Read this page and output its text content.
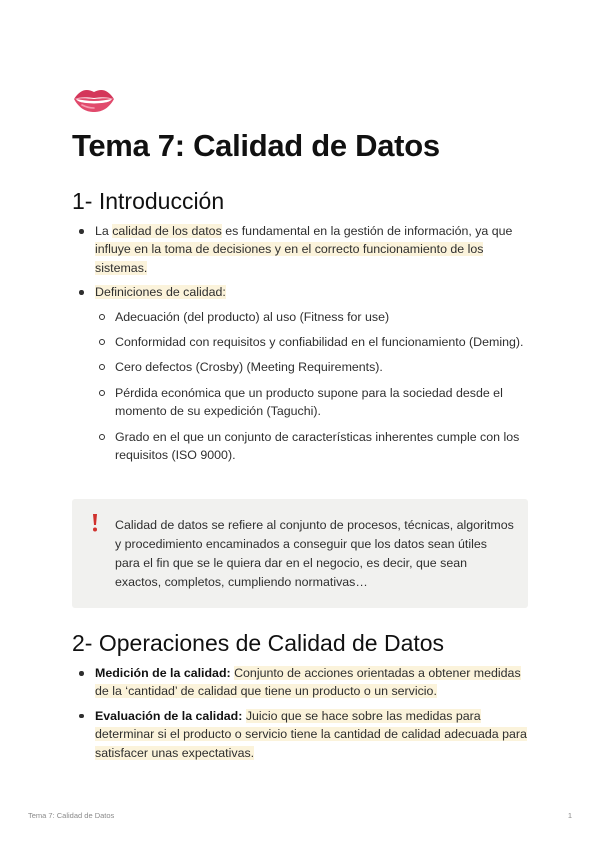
Tema 7: Calidad de Datos
1- Introducción
La calidad de los datos es fundamental en la gestión de información, ya que influye en la toma de decisiones y en el correcto funcionamiento de los sistemas.
Definiciones de calidad:
Adecuación (del producto) al uso (Fitness for use)
Conformidad con requisitos y confiabilidad en el funcionamiento (Deming).
Cero defectos (Crosby) (Meeting Requirements).
Pérdida económica que un producto supone para la sociedad desde el momento de su expedición (Taguchi).
Grado en el que un conjunto de características inherentes cumple con los requisitos (ISO 9000).
Calidad de datos se refiere al conjunto de procesos, técnicas, algoritmos y procedimiento encaminados a conseguir que los datos sean útiles para el fin que se le quiera dar en el negocio, es decir, que sean exactos, completos, cumpliendo normativas…
2- Operaciones de Calidad de Datos
Medición de la calidad: Conjunto de acciones orientadas a obtener medidas de la ‘cantidad’ de calidad que tiene un producto o un servicio.
Evaluación de la calidad: Juicio que se hace sobre las medidas para determinar si el producto o servicio tiene la cantidad de calidad adecuada para satisfacer unas expectativas.
Tema 7: Calidad de Datos	1
